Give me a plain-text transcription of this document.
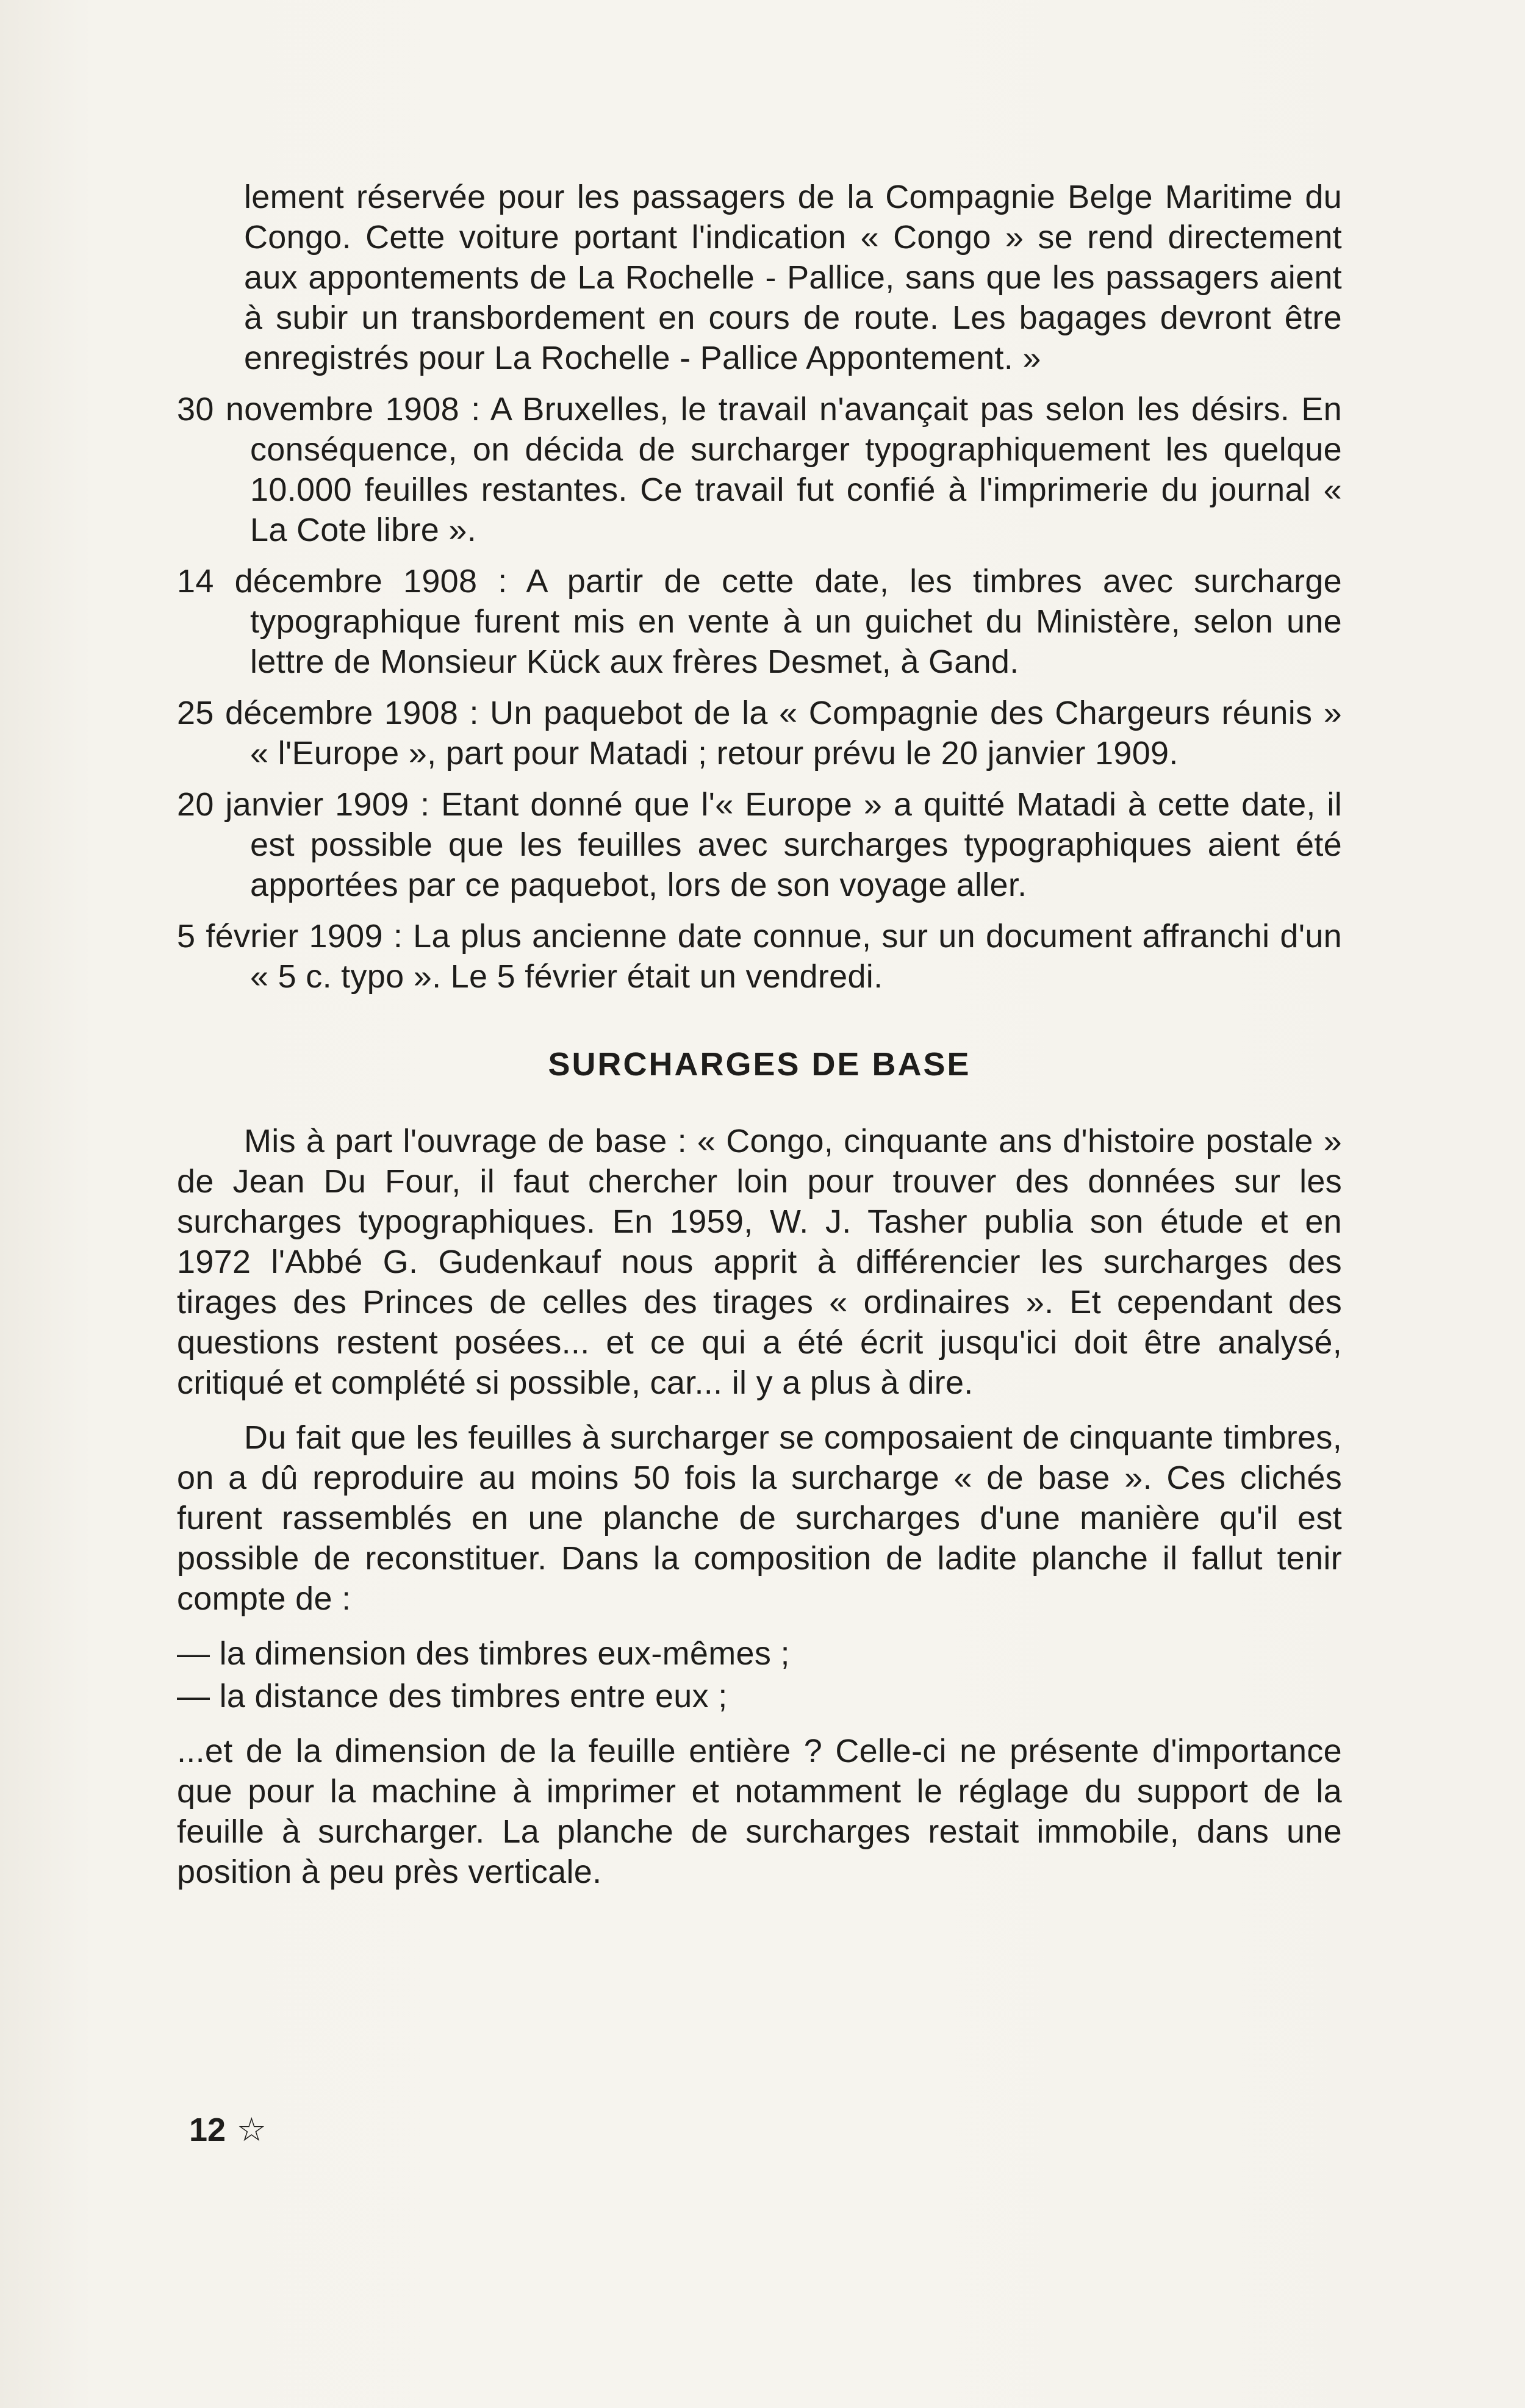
lement réservée pour les passagers de la Compagnie Belge Maritime du Congo. Cette voiture portant l'indication « Congo » se rend directement aux appontements de La Rochelle - Pallice, sans que les passagers aient à subir un transbordement en cours de route. Les bagages devront être enregistrés pour La Rochelle - Pallice Appontement. »

30 novembre 1908 : A Bruxelles, le travail n'avançait pas selon les désirs. En conséquence, on décida de surcharger typographiquement les quelque 10.000 feuilles restantes. Ce travail fut confié à l'imprimerie du journal « La Cote libre ».

14 décembre 1908 : A partir de cette date, les timbres avec surcharge typographique furent mis en vente à un guichet du Ministère, selon une lettre de Monsieur Kück aux frères Desmet, à Gand.

25 décembre 1908 : Un paquebot de la « Compagnie des Chargeurs réunis » « l'Europe », part pour Matadi ; retour prévu le 20 janvier 1909.

20 janvier 1909 : Etant donné que l'« Europe » a quitté Matadi à cette date, il est possible que les feuilles avec surcharges typographiques aient été apportées par ce paquebot, lors de son voyage aller.

5 février 1909 : La plus ancienne date connue, sur un document affranchi d'un « 5 c. typo ». Le 5 février était un vendredi.

SURCHARGES DE BASE

Mis à part l'ouvrage de base : « Congo, cinquante ans d'histoire postale » de Jean Du Four, il faut chercher loin pour trouver des données sur les surcharges typographiques. En 1959, W. J. Tasher publia son étude et en 1972 l'Abbé G. Gudenkauf nous apprit à différencier les surcharges des tirages des Princes de celles des tirages « ordinaires ». Et cependant des questions restent posées... et ce qui a été écrit jusqu'ici doit être analysé, critiqué et complété si possible, car... il y a plus à dire.

Du fait que les feuilles à surcharger se composaient de cinquante timbres, on a dû reproduire au moins 50 fois la surcharge « de base ». Ces clichés furent rassemblés en une planche de surcharges d'une manière qu'il est possible de reconstituer. Dans la composition de ladite planche il fallut tenir compte de :

— la dimension des timbres eux-mêmes ;

— la distance des timbres entre eux ;

...et de la dimension de la feuille entière ? Celle-ci ne présente d'importance que pour la machine à imprimer et notamment le réglage du support de la feuille à surcharger. La planche de surcharges restait immobile, dans une position à peu près verticale.

12 ☆
